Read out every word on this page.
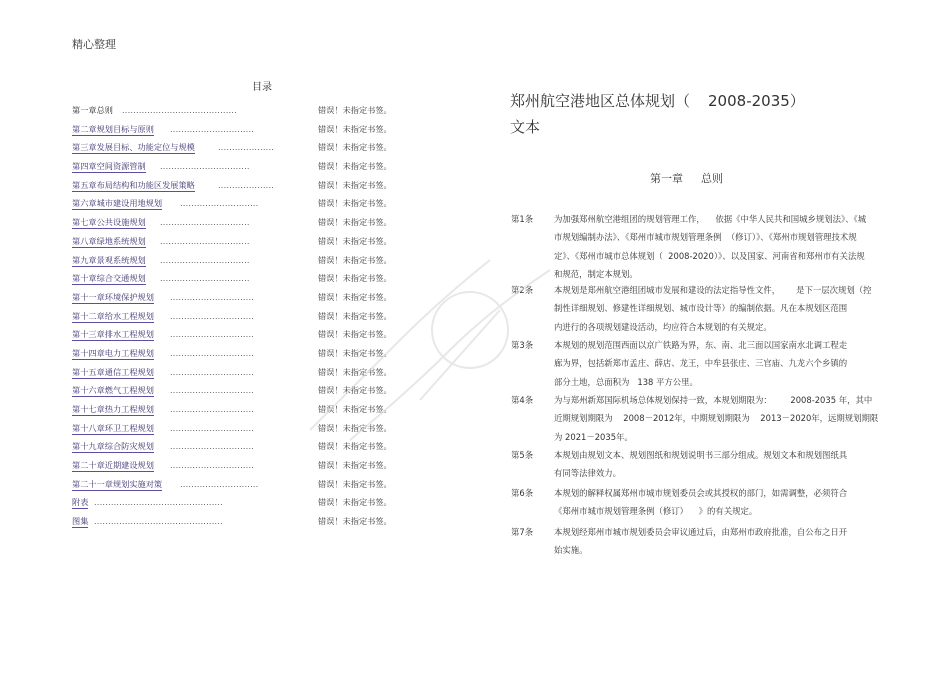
精心整理
目录
第一章总则 .........................................	错误！未指定书签。
第二章规划目标与原则 ..............................	错误！未指定书签。
第三章发展目标、功能定位与规模	....................	错误！未指定书签。
第四章空间资源管制 ................................	错误！未指定书签。
第五章布局结构和功能区发展策略	....................	错误！未指定书签。
第六章城市建设用地规划 ............................	错误！未指定书签。
第七章公共设施规划 ................................	错误！未指定书签。
第八章绿地系统规划 ................................	错误！未指定书签。
第九章景观系统规划 ................................	错误！未指定书签。
第十章综合交通规划 ................................	错误！未指定书签。
第十一章环境保护规划 ..............................	错误！未指定书签。
第十二章给水工程规划 ..............................	错误！未指定书签。
第十三章排水工程规划 ..............................	错误！未指定书签。
第十四章电力工程规划 ..............................	错误！未指定书签。
第十五章通信工程规划 ..............................	错误！未指定书签。
第十六章燃气工程规划 ..............................	错误！未指定书签。
第十七章热力工程规划 ..............................	错误！未指定书签。
第十八章环卫工程规划 ..............................	错误！未指定书签。
第十九章综合防灾规划 ..............................	错误！未指定书签。
第二十章近期建设规划 ..............................	错误！未指定书签。
第二十一章规划实施对策 ............................	错误！未指定书签。
附表 ..............................................	错误！未指定书签。
图集 ..............................................	错误！未指定书签。
郑州航空港地区总体规划（ 2008-2035）
文本
第一章 总则
第1条 为加强郑州航空港组团的规划管理工作，    依据《中华人民共和国城乡规划法》、《城
市规划编制办法》、《郑州市城市规划管理条例  （修订）》、《郑州市规划管理技术规
定》、《郑州市城市总体规划（  2008-2020）》、以及国家、河南省和郑州市有关法规
和规范，制定本规划。
第2条 本规划是郑州航空港组团城市发展和建设的法定指导性文件，      是下一层次规划（控
制性详细规划、修建性详细规划、城市设计等）的编制依据。凡在本规划区范围
内进行的各项规划建设活动，均应符合本规划的有关规定。
第3条 本规划的规划范围西面以京广铁路为界，东、南、北三面以国家南水北调工程走
廊为界，包括新郑市孟庄、薛店、龙王，中牟县张庄、三官庙、九龙六个乡镇的
部分土地，总面积为   138 平方公里。
第4条 为与郑州新郑国际机场总体规划保持一致，本规划期限为：       2008-2035 年，其中
近期规划期限为    2008－2012年，中期规划期限为    2013－2020年，远期规划期限
为 2021－2035年。
第5条 本规划由规划文本、规划图纸和规划说明书三部分组成。规划文本和规划图纸具
有同等法律效力。
第6条 本规划的解释权属郑州市城市规划委员会或其授权的部门，如需调整，必须符合
《郑州市城市规划管理条例（修订）    》的有关规定。
第7条 本规划经郑州市城市规划委员会审议通过后，由郑州市政府批准，自公布之日开
始实施。
